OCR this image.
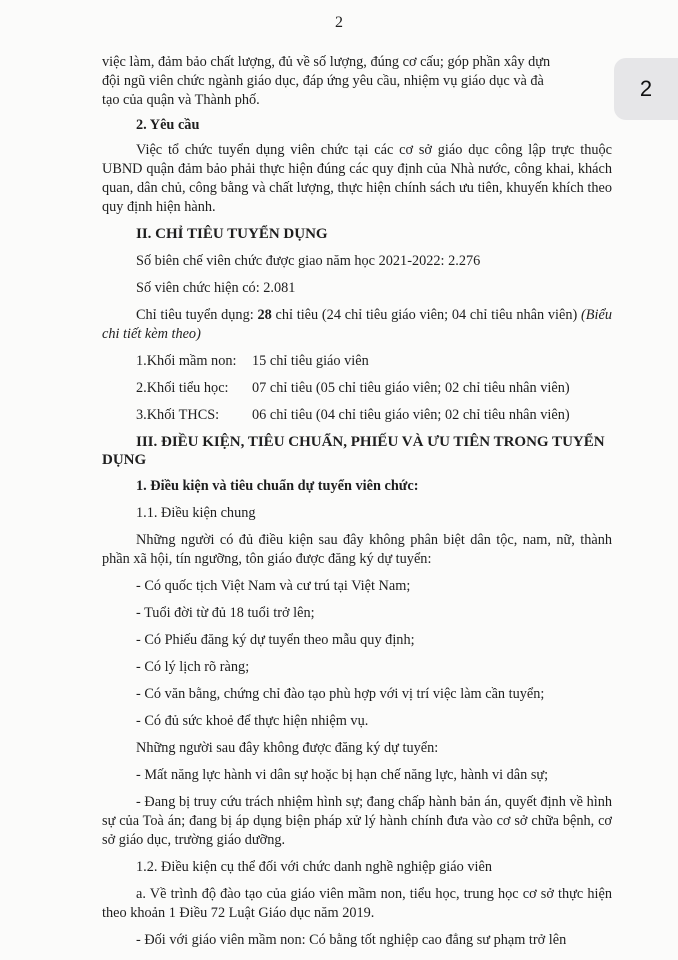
2
2

việc làm, đảm bảo chất lượng, đủ về số lượng, đúng cơ cấu; góp phần xây dựn

đội ngũ viên chức ngành giáo dục, đáp ứng yêu cầu, nhiệm vụ giáo dục và đà

tạo của quận và Thành phố.

2. Yêu cầu

Việc tổ chức tuyển dụng viên chức tại các cơ sở giáo dục công lập trực thuộc UBND quận đảm bảo phải thực hiện đúng các quy định của Nhà nước, công khai, khách quan, dân chủ, công bằng và chất lượng, thực hiện chính sách ưu tiên, khuyến khích theo quy định hiện hành.

II. CHỈ TIÊU TUYỂN DỤNG

Số biên chế viên chức được giao năm học 2021-2022: 2.276

Số viên chức hiện có: 2.081

Chỉ tiêu tuyển dụng: 28 chỉ tiêu (24 chỉ tiêu giáo viên; 04 chỉ tiêu nhân viên) (Biểu chi tiết kèm theo)

1.Khối mầm non:	15 chỉ tiêu giáo viên
2.Khối tiểu học:	07 chỉ tiêu (05 chỉ tiêu giáo viên; 02 chỉ tiêu nhân viên)
3.Khối THCS:	06 chỉ tiêu (04 chỉ tiêu giáo viên; 02 chỉ tiêu nhân viên)

III. ĐIỀU KIỆN, TIÊU CHUẨN, PHIẾU VÀ ƯU TIÊN TRONG TUYỂN DỤNG

1. Điều kiện và tiêu chuẩn dự tuyển viên chức:

1.1. Điều kiện chung

Những người có đủ điều kiện sau đây không phân biệt dân tộc, nam, nữ, thành phần xã hội, tín ngưỡng, tôn giáo được đăng ký dự tuyển:

- Có quốc tịch Việt Nam và cư trú tại Việt Nam;

- Tuổi đời từ đủ 18 tuổi trở lên;

- Có Phiếu đăng ký dự tuyển theo mẫu quy định;

- Có lý lịch rõ ràng;

- Có văn bằng, chứng chỉ đào tạo phù hợp với vị trí việc làm cần tuyển;

- Có đủ sức khoẻ để thực hiện nhiệm vụ.

Những người sau đây không được đăng ký dự tuyển:

- Mất năng lực hành vi dân sự hoặc bị hạn chế năng lực, hành vi dân sự;

- Đang bị truy cứu trách nhiệm hình sự; đang chấp hành bản án, quyết định về hình sự của Toà án; đang bị áp dụng biện pháp xử lý hành chính đưa vào cơ sở chữa bệnh, cơ sở giáo dục, trường giáo dưỡng.

1.2. Điều kiện cụ thể đối với chức danh nghề nghiệp giáo viên

a. Về trình độ đào tạo của giáo viên mầm non, tiểu học, trung học cơ sở thực hiện theo khoản 1 Điều 72 Luật Giáo dục năm 2019.

- Đối với giáo viên mầm non: Có bằng tốt nghiệp cao đẳng sư phạm trở lên
